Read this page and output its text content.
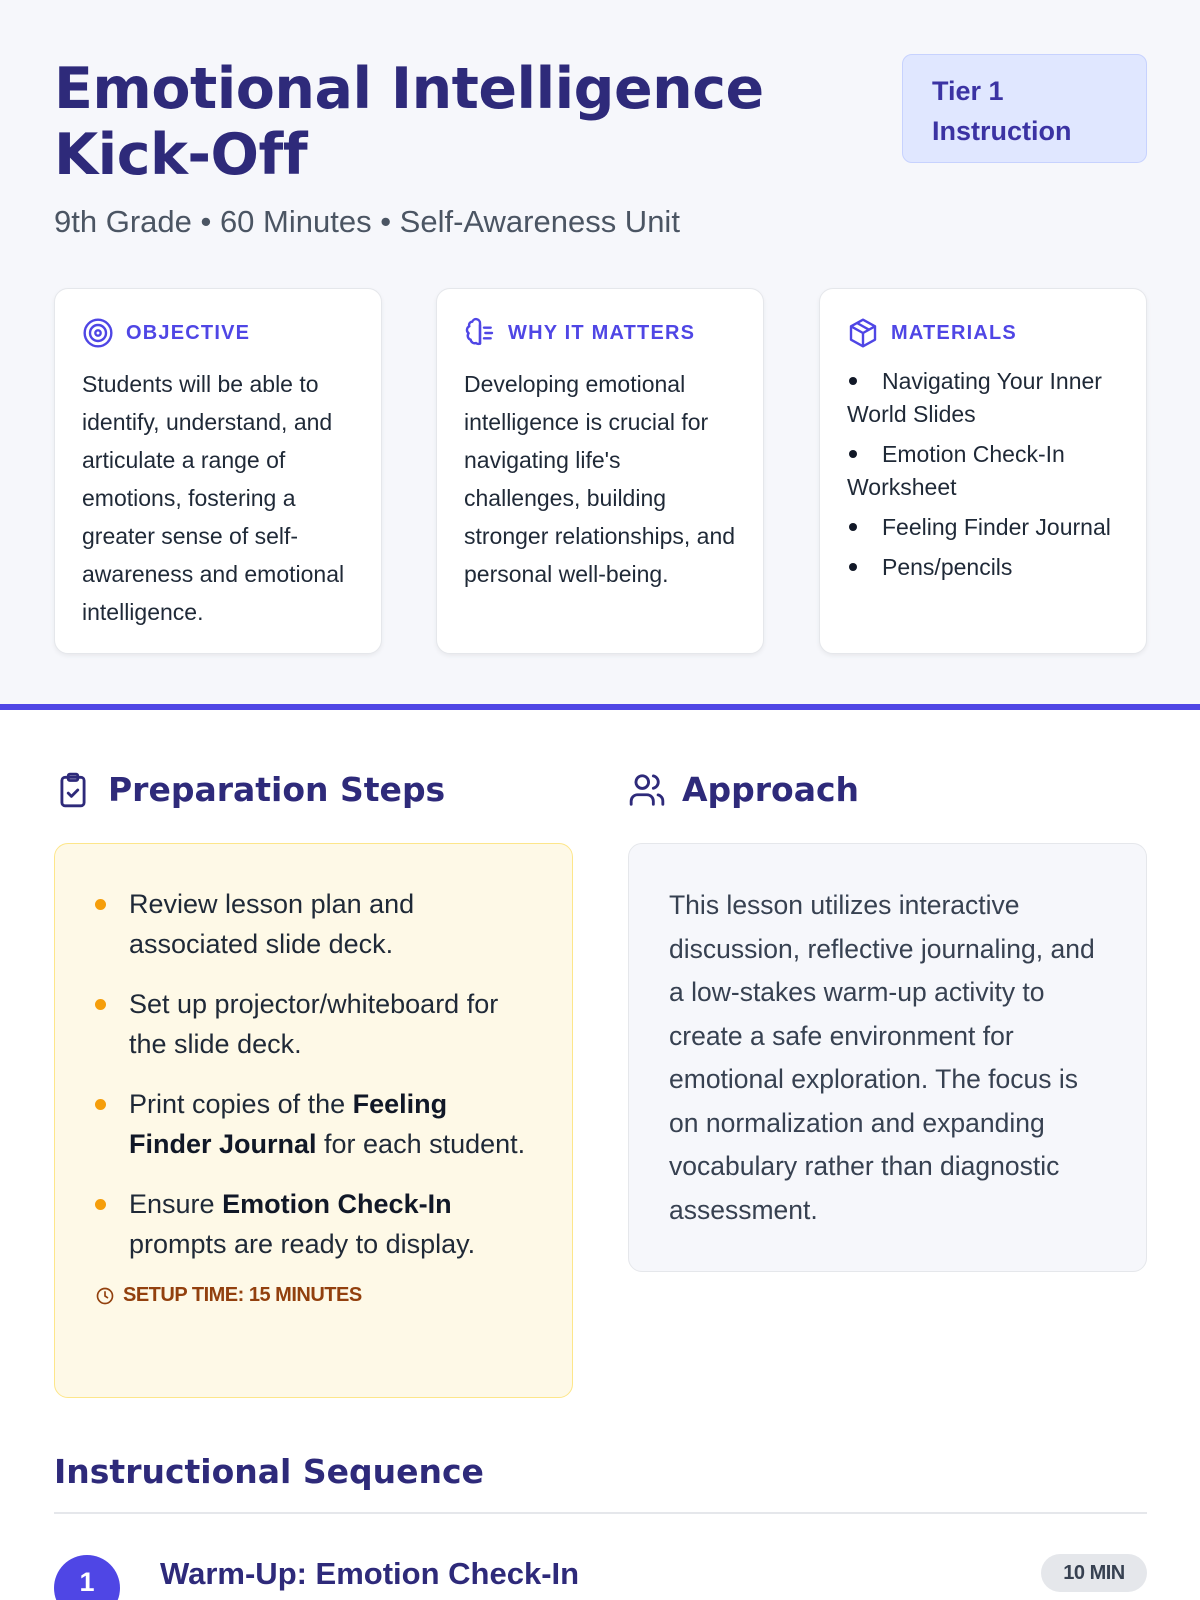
Emotional Intelligence
Kick-Off
Tier 1
Instruction
9th Grade • 60 Minutes • Self-Awareness Unit
OBJECTIVE

Students will be able to identify, understand, and articulate a range of emotions, fostering a greater sense of self-awareness and emotional intelligence.

WHY IT MATTERS

Developing emotional intelligence is crucial for navigating life's challenges, building stronger relationships, and personal well-being.

MATERIALS
Navigating Your Inner World Slides
Emotion Check-In Worksheet
Feeling Finder Journal
Pens/pencils
Preparation Steps	Approach
Review lesson plan and associated slide deck.
Set up projector/whiteboard for the slide deck.
Print copies of the Feeling Finder Journal for each student.
Ensure Emotion Check-In prompts are ready to display.
SETUP TIME: 15 MINUTES

This lesson utilizes interactive discussion, reflective journaling, and a low-stakes warm-up activity to create a safe environment for emotional exploration. The focus is on normalization and expanding vocabulary rather than diagnostic assessment.

Instructional Sequence
1	Warm-Up: Emotion Check-In	10 MIN
